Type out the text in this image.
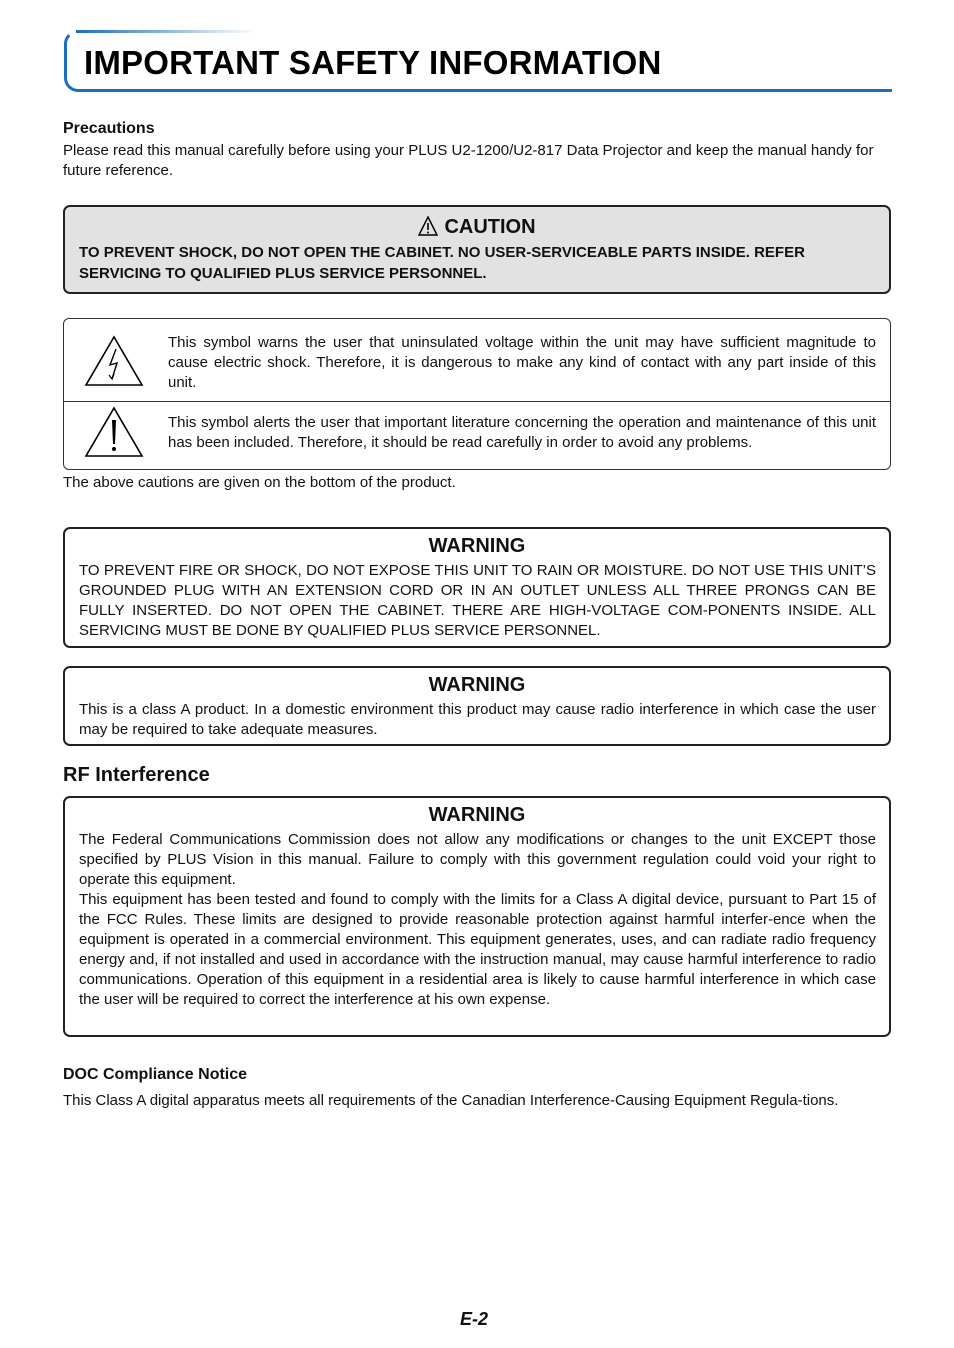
IMPORTANT SAFETY INFORMATION
Precautions
Please read this manual carefully before using your PLUS U2-1200/U2-817 Data Projector and keep the manual handy for future reference.
CAUTION
TO PREVENT SHOCK, DO NOT OPEN THE CABINET. NO USER-SERVICEABLE PARTS INSIDE. REFER SERVICING TO QUALIFIED PLUS SERVICE PERSONNEL.
This symbol warns the user that uninsulated voltage within the unit may have sufficient magnitude to cause electric shock. Therefore, it is dangerous to make any kind of contact with any part inside of this unit.
This symbol alerts the user that important literature concerning the operation and maintenance of this unit has been included. Therefore, it should be read carefully in order to avoid any problems.
The above cautions are given on the bottom of the product.
WARNING
TO PREVENT FIRE OR SHOCK, DO NOT EXPOSE THIS UNIT TO RAIN OR MOISTURE. DO NOT USE THIS UNIT’S GROUNDED PLUG WITH AN EXTENSION CORD OR IN AN OUTLET UNLESS ALL THREE PRONGS CAN BE FULLY INSERTED. DO NOT OPEN THE CABINET. THERE ARE HIGH-VOLTAGE COM-PONENTS INSIDE. ALL SERVICING MUST BE DONE BY QUALIFIED PLUS SERVICE PERSONNEL.
WARNING
This is a class A product. In a domestic environment this product may cause radio interference in which case the user may be required to take adequate measures.
RF Interference
WARNING
The Federal Communications Commission does not allow any modifications or changes to the unit EXCEPT those specified by PLUS Vision in this manual. Failure to comply with this government regulation could void your right to operate this equipment.
This equipment has been tested and found to comply with the limits for a Class A digital device, pursuant to Part 15 of the FCC Rules. These limits are designed to provide reasonable protection against harmful interfer-ence when the equipment is operated in a commercial environment. This equipment generates, uses, and can radiate radio frequency energy and, if not installed and used in accordance with the instruction manual, may cause harmful interference to radio communications. Operation of this equipment in a residential area is likely to cause harmful interference in which case the user will be required to correct the interference at his own expense.
DOC Compliance Notice
This Class A digital apparatus meets all requirements of the Canadian Interference-Causing Equipment Regula-tions.
E-2
